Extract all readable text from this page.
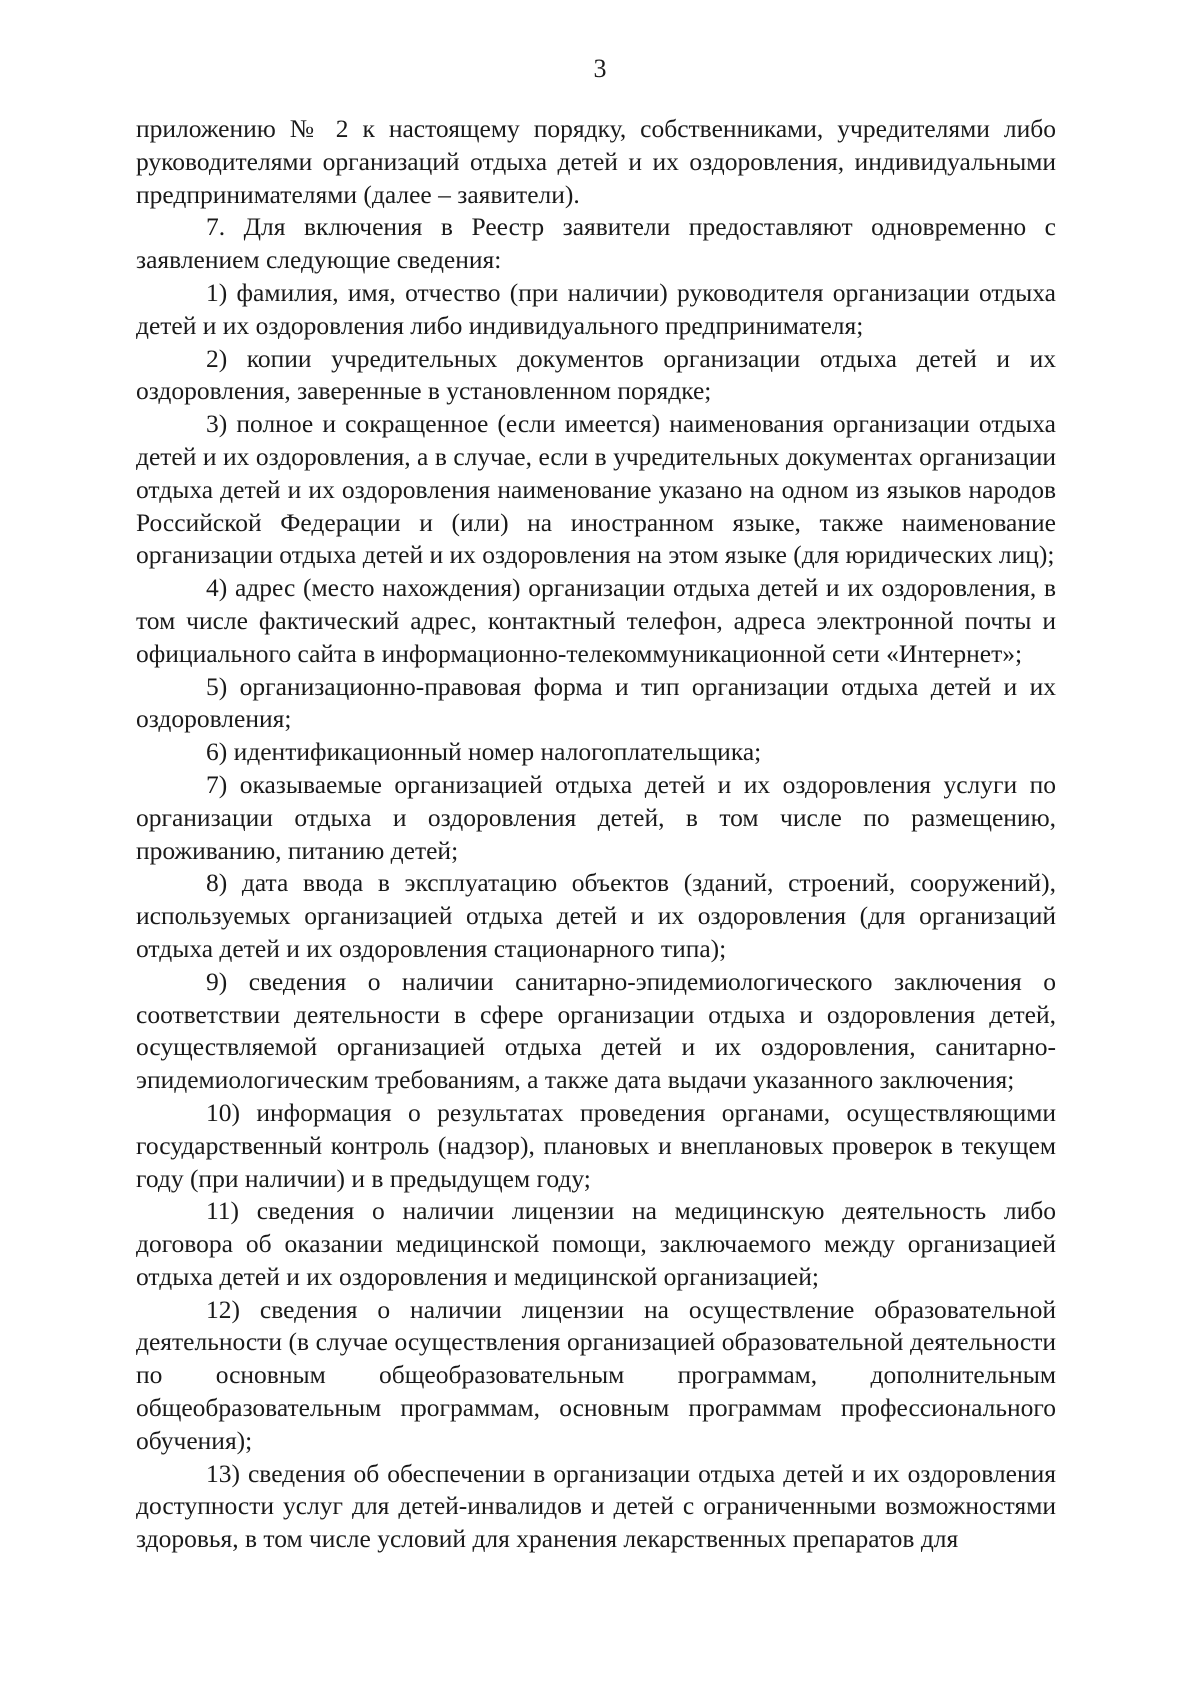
3

приложению № 2 к настоящему порядку, собственниками, учредителями либо руководителями организаций отдыха детей и их оздоровления, индивидуальными предпринимателями (далее – заявители).

7. Для включения в Реестр заявители предоставляют одновременно с заявлением следующие сведения:

1) фамилия, имя, отчество (при наличии) руководителя организации отдыха детей и их оздоровления либо индивидуального предпринимателя;

2) копии учредительных документов организации отдыха детей и их оздоровления, заверенные в установленном порядке;

3) полное и сокращенное (если имеется) наименования организации отдыха детей и их оздоровления, а в случае, если в учредительных документах организации отдыха детей и их оздоровления наименование указано на одном из языков народов Российской Федерации и (или) на иностранном языке, также наименование организации отдыха детей и их оздоровления на этом языке (для юридических лиц);

4) адрес (место нахождения) организации отдыха детей и их оздоровления, в том числе фактический адрес, контактный телефон, адреса электронной почты и официального сайта в информационно-телекоммуникационной сети «Интернет»;

5) организационно-правовая форма и тип организации отдыха детей и их оздоровления;

6) идентификационный номер налогоплательщика;

7) оказываемые организацией отдыха детей и их оздоровления услуги по организации отдыха и оздоровления детей, в том числе по размещению, проживанию, питанию детей;

8) дата ввода в эксплуатацию объектов (зданий, строений, сооружений), используемых организацией отдыха детей и их оздоровления (для организаций отдыха детей и их оздоровления стационарного типа);

9) сведения о наличии санитарно-эпидемиологического заключения о соответствии деятельности в сфере организации отдыха и оздоровления детей, осуществляемой организацией отдыха детей и их оздоровления, санитарно-эпидемиологическим требованиям, а также дата выдачи указанного заключения;

10) информация о результатах проведения органами, осуществляющими государственный контроль (надзор), плановых и внеплановых проверок в текущем году (при наличии) и в предыдущем году;

11) сведения о наличии лицензии на медицинскую деятельность либо договора об оказании медицинской помощи, заключаемого между организацией отдыха детей и их оздоровления и медицинской организацией;

12) сведения о наличии лицензии на осуществление образовательной деятельности (в случае осуществления организацией образовательной деятельности по основным общеобразовательным программам, дополнительным общеобразовательным программам, основным программам профессионального обучения);

13) сведения об обеспечении в организации отдыха детей и их оздоровления доступности услуг для детей-инвалидов и детей с ограниченными возможностями здоровья, в том числе условий для хранения лекарственных препаратов для
